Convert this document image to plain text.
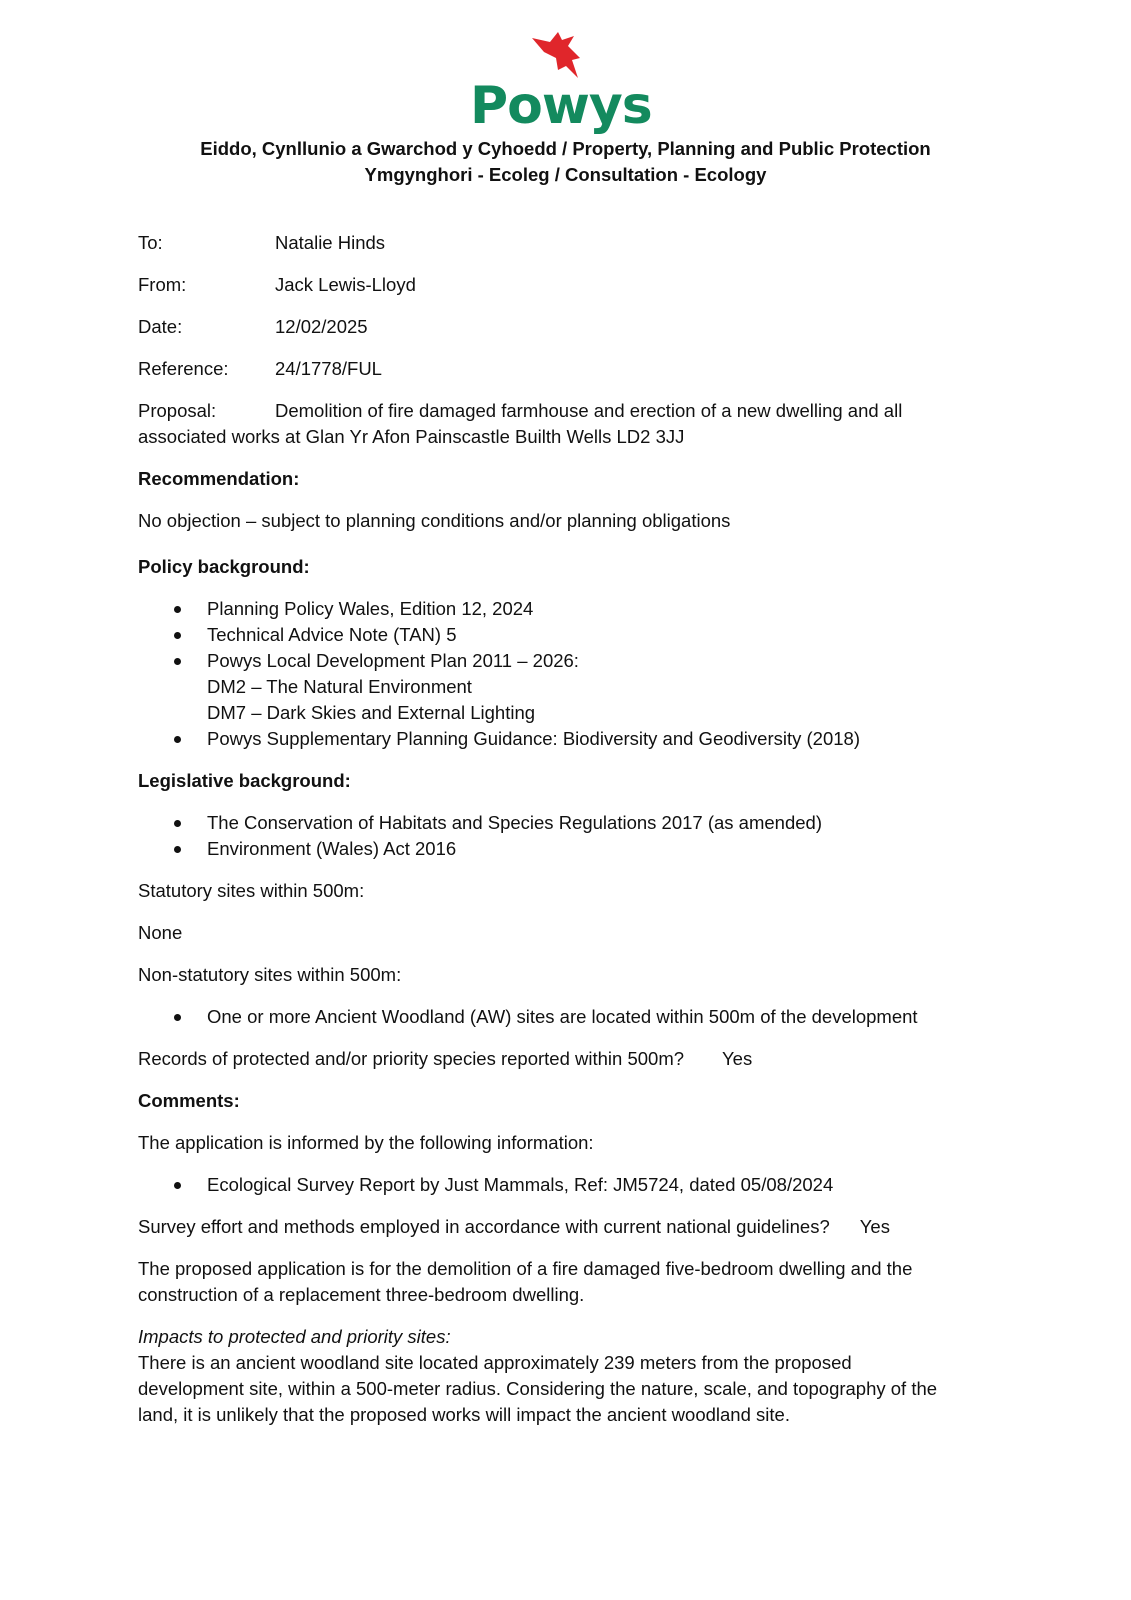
Powys
Eiddo, Cynllunio a Gwarchod y Cyhoedd / Property, Planning and Public Protection
Ymgynghori - Ecoleg / Consultation - Ecology
To:	Natalie Hinds
From:	Jack Lewis-Lloyd
Date:	12/02/2025
Reference:	24/1778/FUL
Proposal:	Demolition of fire damaged farmhouse and erection of a new dwelling and all
associated works at Glan Yr Afon Painscastle Builth Wells LD2 3JJ

Recommendation:

No objection – subject to planning conditions and/or planning obligations

Policy background:

Planning Policy Wales, Edition 12, 2024
Technical Advice Note (TAN) 5
Powys Local Development Plan 2011 – 2026:
DM2 – The Natural Environment
DM7 – Dark Skies and External Lighting
Powys Supplementary Planning Guidance: Biodiversity and Geodiversity (2018)

Legislative background:

The Conservation of Habitats and Species Regulations 2017 (as amended)
Environment (Wales) Act 2016

Statutory sites within 500m:

None

Non-statutory sites within 500m:

One or more Ancient Woodland (AW) sites are located within 500m of the development

Records of protected and/or priority species reported within 500m? Yes

Comments:

The application is informed by the following information:

Ecological Survey Report by Just Mammals, Ref: JM5724, dated 05/08/2024

Survey effort and methods employed in accordance with current national guidelines? Yes

The proposed application is for the demolition of a fire damaged five-bedroom dwelling and the
construction of a replacement three-bedroom dwelling.
Impacts to protected and priority sites:
There is an ancient woodland site located approximately 239 meters from the proposed
development site, within a 500-meter radius. Considering the nature, scale, and topography of the
land, it is unlikely that the proposed works will impact the ancient woodland site.
